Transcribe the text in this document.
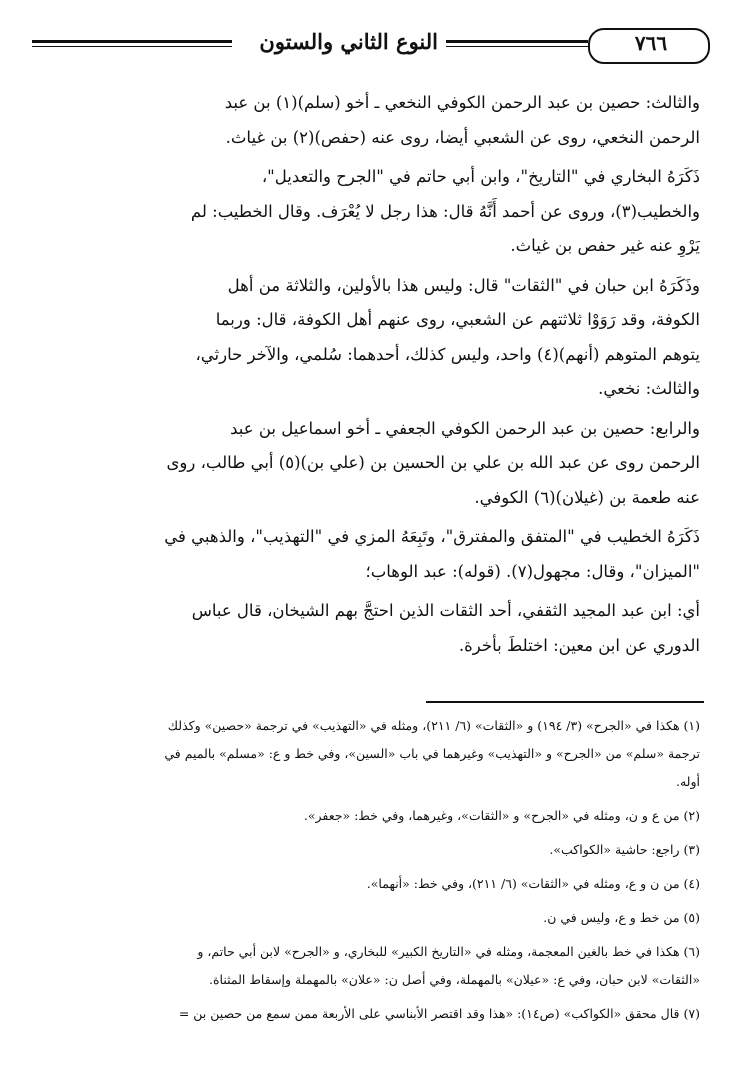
٧٦٦
النوع الثاني والستون

والثالث: حصين بن عبد الرحمن الكوفي النخعي ـ أخو (سلم)(١) بن عبد
الرحمن النخعي، روى عن الشعبي أيضا، روى عنه (حفص)(٢) بن غياث.

ذَكَرَهُ البخاري في "التاريخ"، وابن أبي حاتم في "الجرح والتعديل"،
والخطيب(٣)، وروى عن أحمد أَنَّهُ قال: هذا رجل لا يُعْرَف. وقال الخطيب: لم
يَرْوِ عنه غير حفص بن غياث.

وذَكَرَهُ ابن حبان في "الثقات" قال: وليس هذا بالأولين، والثلاثة من أهل
الكوفة، وقد رَوَوْا ثلاثتهم عن الشعبي، روى عنهم أهل الكوفة، قال: وربما
يتوهم المتوهم (أنهم)(٤) واحد، وليس كذلك، أحدهما: سُلمي، والآخر حارثي،
والثالث: نخعي.

والرابع: حصين بن عبد الرحمن الكوفي الجعفي ـ أخو اسماعيل بن عبد
الرحمن روى عن عبد الله بن علي بن الحسين بن (علي بن)(٥) أبي طالب، روى
عنه طعمة بن (غيلان)(٦) الكوفي.

ذَكَرَهُ الخطيب في "المتفق والمفترق"، وتَبِعَهُ المزي في "التهذيب"، والذهبي في
"الميزان"، وقال: مجهول(٧). (قوله): عبد الوهاب؛

أي: ابن عبد المجيد الثقفي، أحد الثقات الذين احتجَّ بهم الشيخان، قال عباس
الدوري عن ابن معين: اختلطَ بأخرة.

(١) هكذا في «الجرح» (٣/ ١٩٤) و «الثقات» (٦/ ٢١١)، ومثله في «التهذيب» في ترجمة «حصين» وكذلك
ترجمة «سلم» من «الجرح» و «التهذيب» وغيرهما في باب «السين»، وفي خط و ع: «مسلم» بالميم في
أوله.

(٢) من ع و ن، ومثله في «الجرح» و «الثقات»، وغيرهما، وفي خط: «جعفر».

(٣) راجع: حاشية «الكواكب».

(٤) من ن و ع، ومثله في «الثقات» (٦/ ٢١١)، وفي خط: «أنهما».

(٥) من خط و ع، وليس في ن.

(٦) هكذا في خط بالغين المعجمة، ومثله في «التاريخ الكبير» للبخاري، و «الجرح» لابن أبي حاتم، و
«الثقات» لابن حبان، وفي ع: «عيلان» بالمهملة، وفي أصل ن: «علان» بالمهملة وإسقاط المثناة.

(٧) قال محقق «الكواكب» (ص١٤): «هذا وقد اقتصر الأبناسي على الأربعة ممن سمع من حصين بن =
